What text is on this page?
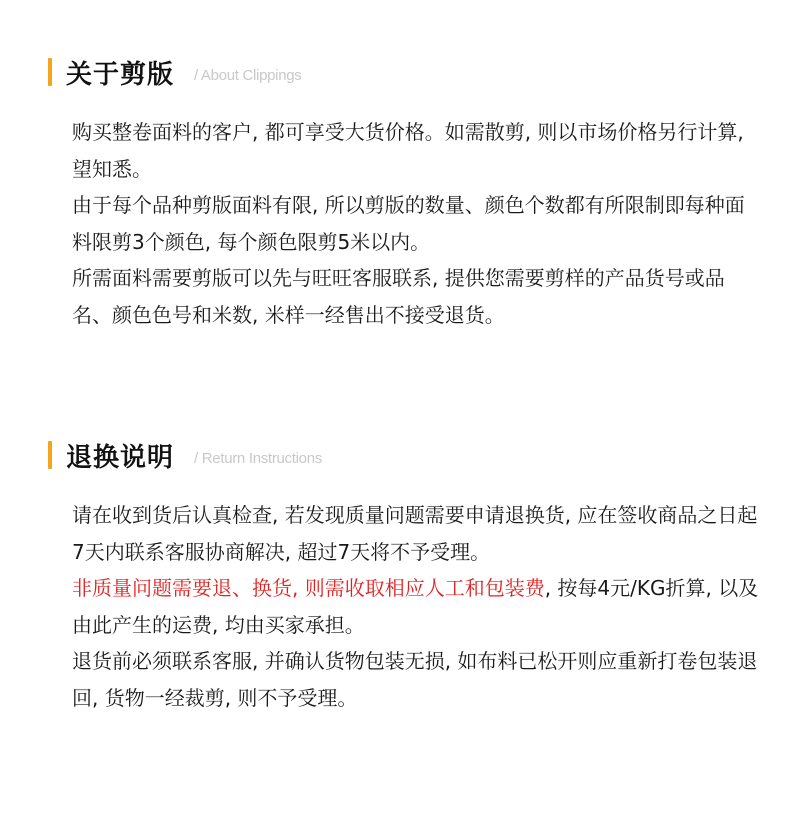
关于剪版 / About Clippings

购买整卷面料的客户, 都可享受大货价格。如需散剪, 则以市场价格另行计算, 望知悉。

由于每个品种剪版面料有限, 所以剪版的数量、颜色个数都有所限制即每种面料限剪3个颜色, 每个颜色限剪5米以内。

所需面料需要剪版可以先与旺旺客服联系, 提供您需要剪样的产品货号或品名、颜色色号和米数, 米样一经售出不接受退货。

退换说明 / Return Instructions

请在收到货后认真检查, 若发现质量问题需要申请退换货, 应在签收商品之日起7天内联系客服协商解决, 超过7天将不予受理。

非质量问题需要退、换货, 则需收取相应人工和包装费, 按每4元/KG折算, 以及由此产生的运费, 均由买家承担。

退货前必须联系客服, 并确认货物包装无损, 如布料已松开则应重新打卷包装退回, 货物一经裁剪, 则不予受理。
